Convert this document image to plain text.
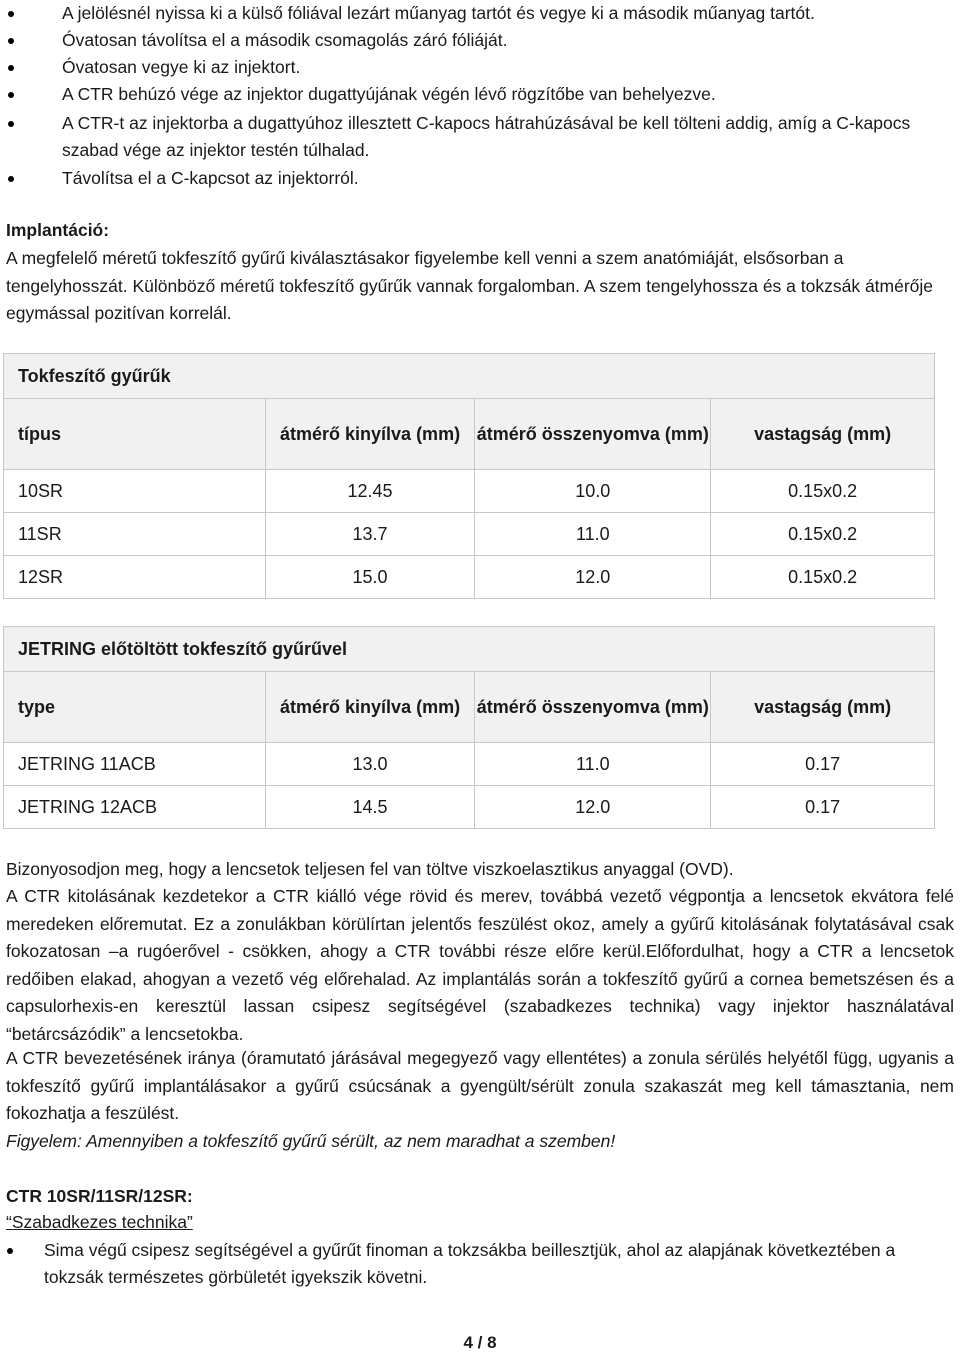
A jelölésnél nyissa ki a külső fóliával lezárt műanyag tartót és vegye ki a második műanyag tartót.
Óvatosan távolítsa el a második csomagolás záró fóliáját.
Óvatosan vegye ki az injektort.
A CTR behúzó vége az injektor dugattyújának végén lévő rögzítőbe van behelyezve.
A CTR-t az injektorba a dugattyúhoz illesztett C-kapocs hátrahúzásával be kell tölteni addig, amíg a C-kapocs szabad vége az injektor testén túlhalad.
Távolítsa el a C-kapcsot az injektorról.
Implantáció:
A megfelelő méretű tokfeszítő gyűrű kiválasztásakor figyelembe kell venni a szem anatómiáját, elsősorban a tengelyhosszát. Különböző méretű tokfeszítő gyűrűk vannak forgalomban. A szem tengelyhossza és a tokzsák átmérője egymással pozitívan korrelál.
Tokfeszítő gyűrűk			
típus	átmérő kinyílva (mm)	átmérő összenyomva (mm)	vastagság (mm)
10SR	12.45	10.0	0.15x0.2
11SR	13.7	11.0	0.15x0.2
12SR	15.0	12.0	0.15x0.2
JETRING előtöltött tokfeszítő gyűrűvel			
type	átmérő kinyílva (mm)	átmérő összenyomva (mm)	vastagság (mm)
JETRING 11ACB	13.0	11.0	0.17
JETRING 12ACB	14.5	12.0	0.17
Bizonyosodjon meg, hogy a lencsetok teljesen fel van töltve viszkoelasztikus anyaggal (OVD).
A CTR kitolásának kezdetekor a CTR kiálló vége rövid és merev, továbbá vezető végpontja a lencsetok ekvátora felé meredeken előremutat. Ez a zonulákban körülírtan jelentős feszülést okoz, amely a gyűrű kitolásának folytatásával csak fokozatosan –a rugóerővel - csökken, ahogy a CTR további része előre kerül.Előfordulhat, hogy a CTR a lencsetok redőiben elakad, ahogyan a vezető vég előrehalad. Az implantálás során a tokfeszítő gyűrű a cornea bemetszésen és a capsulorhexis-en keresztül lassan csipesz segítségével (szabadkezes technika) vagy injektor használatával “betárcsázódik” a lencsetokba.
A CTR bevezetésének iránya (óramutató járásával megegyező vagy ellentétes) a zonula sérülés helyétől függ, ugyanis a tokfeszítő gyűrű implantálásakor a gyűrű csúcsának a gyengült/sérült zonula szakaszát meg kell támasztania, nem fokozhatja a feszülést.
Figyelem: Amennyiben a tokfeszítő gyűrű sérült, az nem maradhat a szemben!
CTR 10SR/11SR/12SR:
“Szabadkezes technika”
Sima végű csipesz segítségével a gyűrűt finoman a tokzsákba beillesztjük, ahol az alapjának következtében a tokzsák természetes görbületét igyekszik követni.
4 / 8
